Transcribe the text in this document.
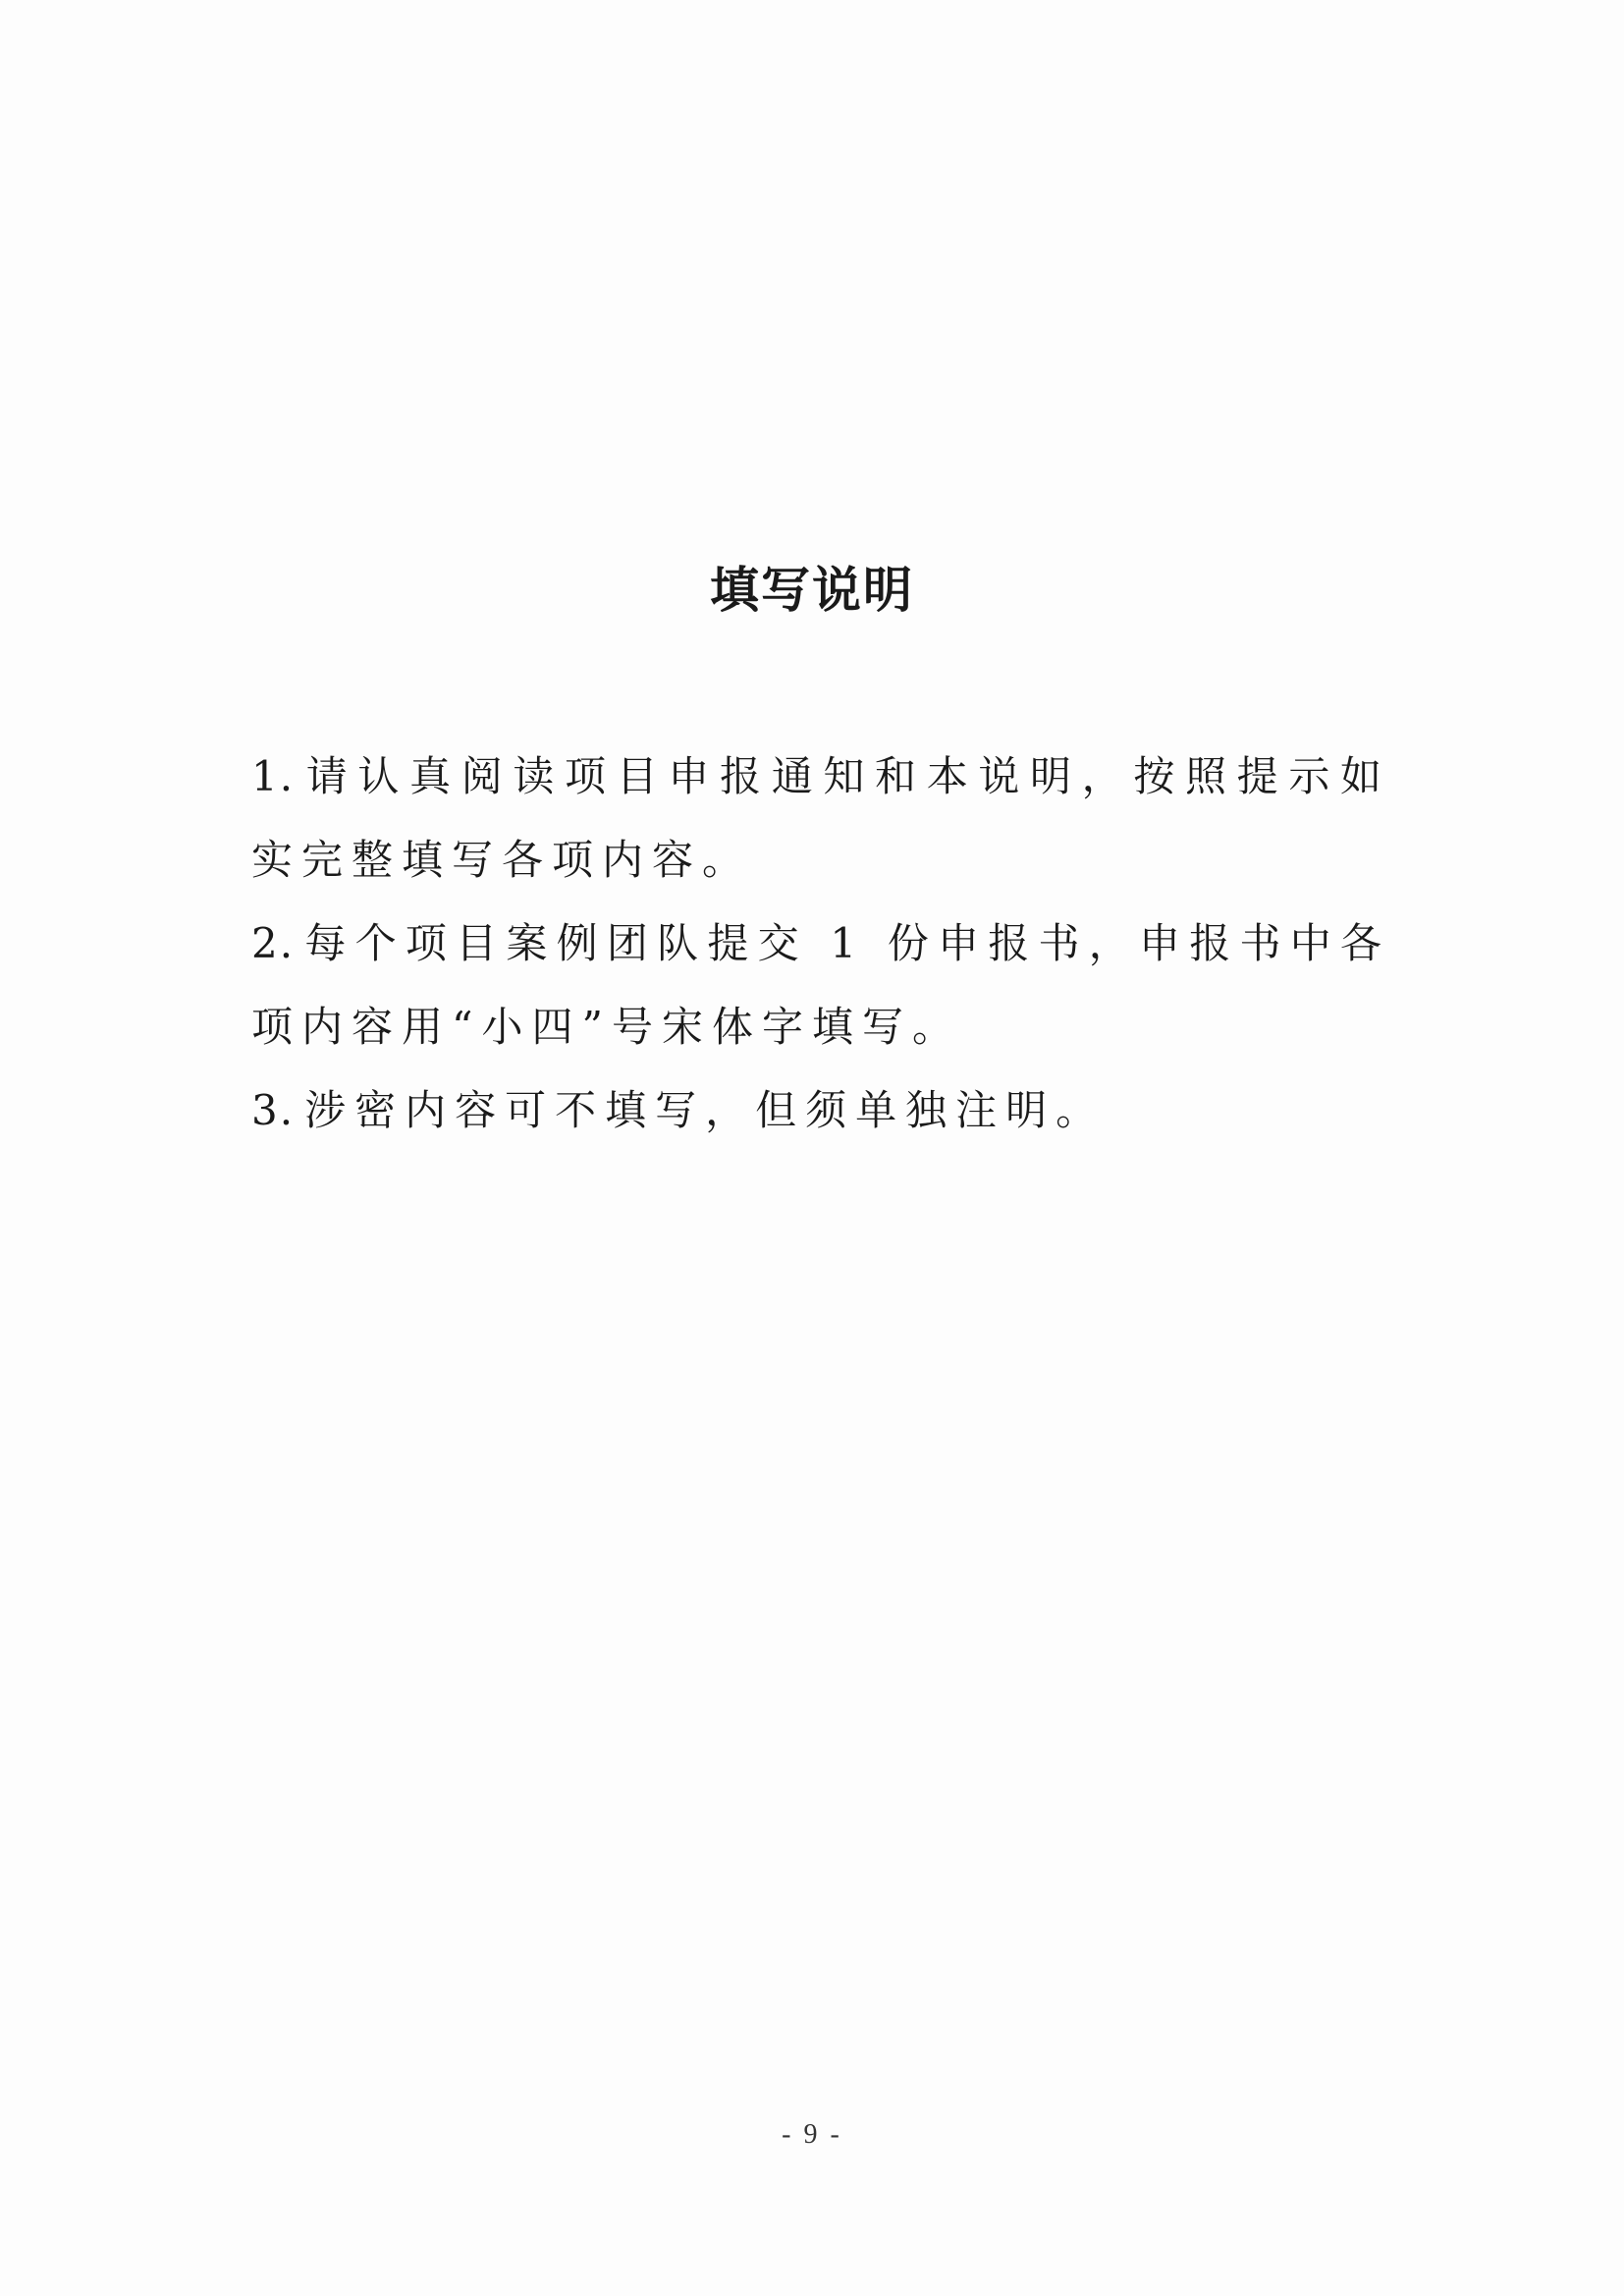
填写说明

1. 请认真阅读项目申报通知和本说明，按照提示如实完整填写各项内容。

2. 每个项目案例团队提交 1 份申报书，申报书中各项内容用“小四”号宋体字填写。

3. 涉密内容可不填写，但须单独注明。

- 9 -
